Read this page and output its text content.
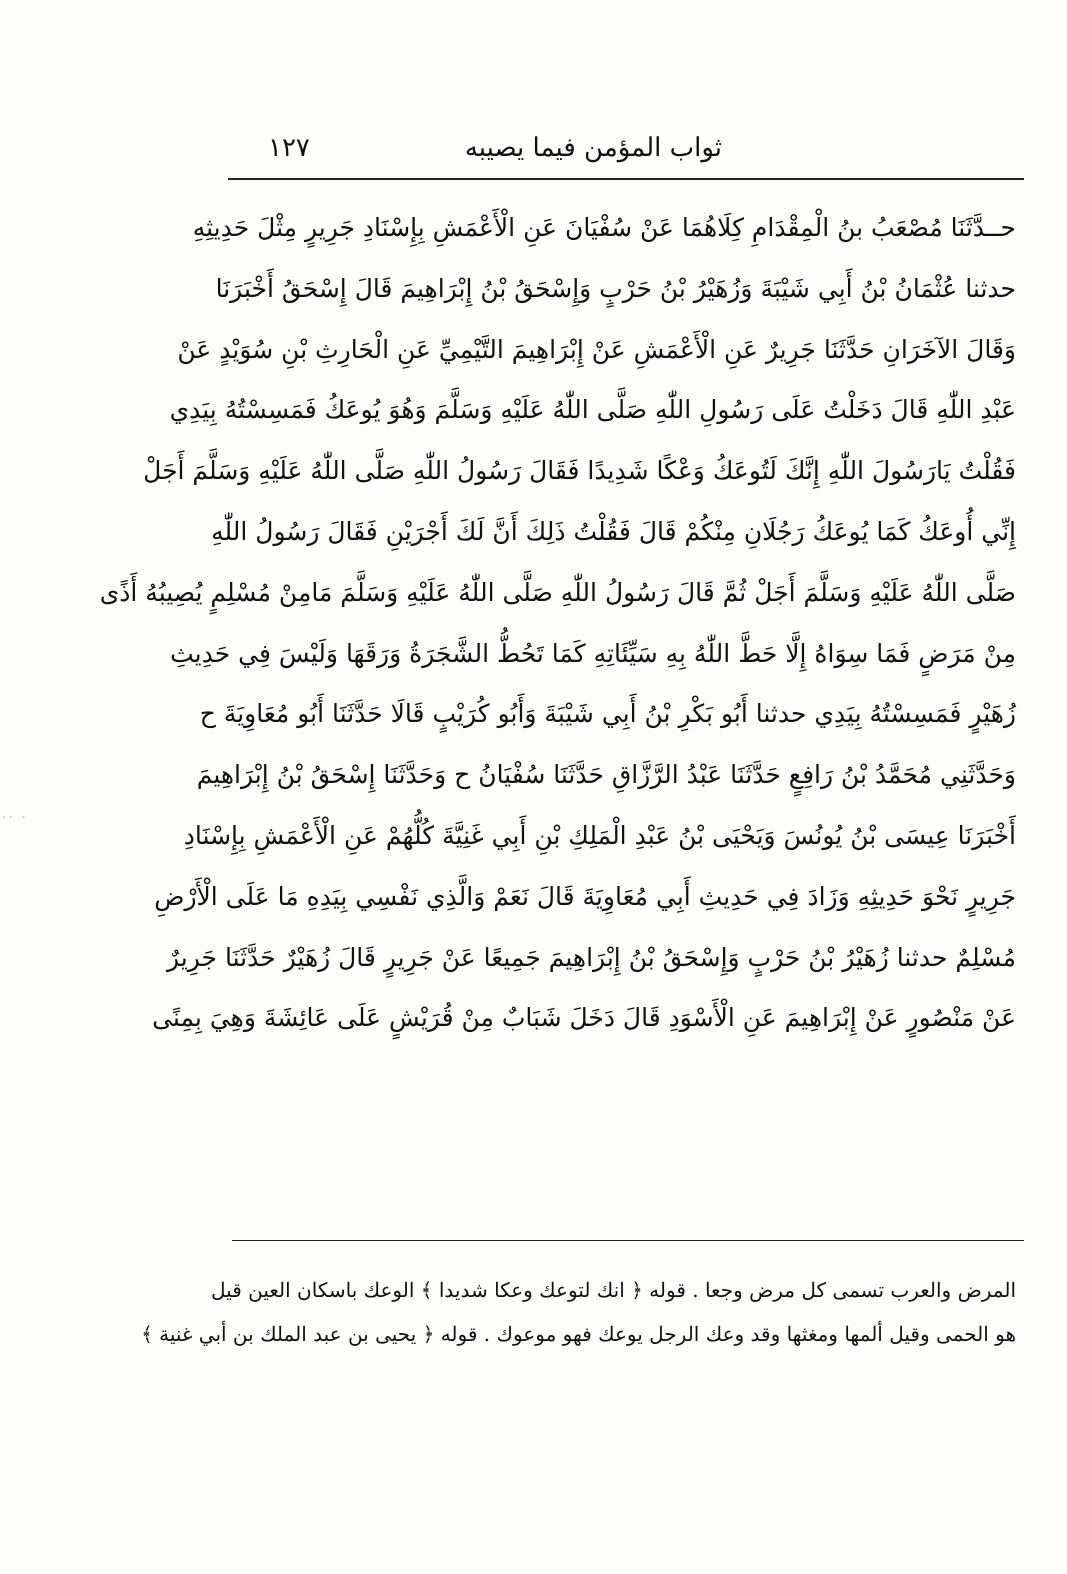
ثواب المؤمن فيما يصيبه
١٢٧
حــدَّثَنَا مُصْعَبُ بنُ الْمِقْدَامِ كِلَاهُمَا عَنْ سُفْيَانَ عَنِ الْأَعْمَشِ بِإِسْنَادِ جَرِيرٍ مِثْلَ حَدِيثِهِ
حدثنا عُثْمَانُ بْنُ أَبِي شَيْبَةَ وَزُهَيْرُ بْنُ حَرْبٍ وَإِسْحَقُ بْنُ إِبْرَاهِيمَ قَالَ إِسْحَقُ أَخْبَرَنَا
وَقَالَ الآخَرَانِ حَدَّثَنَا جَرِيرٌ عَنِ الْأَعْمَشِ عَنْ إِبْرَاهِيمَ التَّيْمِيِّ عَنِ الْحَارِثِ بْنِ سُوَيْدٍ عَنْ
عَبْدِ اللّٰهِ قَالَ دَخَلْتُ عَلَى رَسُولِ اللّٰهِ صَلَّى اللّٰهُ عَلَيْهِ وَسَلَّمَ وَهُوَ يُوعَكُ فَمَسِسْتُهُ بِيَدِي
فَقُلْتُ يَارَسُولَ اللّٰهِ إِنَّكَ لَتُوعَكُ وَعْكًا شَدِيدًا فَقَالَ رَسُولُ اللّٰهِ صَلَّى اللّٰهُ عَلَيْهِ وَسَلَّمَ أَجَلْ
إِنِّي أُوعَكُ كَمَا يُوعَكُ رَجُلَانِ مِنْكُمْ قَالَ فَقُلْتُ ذَلِكَ أَنَّ لَكَ أَجْرَيْنِ فَقَالَ رَسُولُ اللّٰهِ
صَلَّى اللّٰهُ عَلَيْهِ وَسَلَّمَ أَجَلْ ثُمَّ قَالَ رَسُولُ اللّٰهِ صَلَّى اللّٰهُ عَلَيْهِ وَسَلَّمَ مَامِنْ مُسْلِمٍ يُصِيبُهُ أَذًى
مِنْ مَرَضٍ فَمَا سِوَاهُ إِلَّا حَطَّ اللّٰهُ بِهِ سَيِّئَاتِهِ كَمَا تَحُطُّ الشَّجَرَةُ وَرَقَهَا وَلَيْسَ فِي حَدِيثِ
زُهَيْرٍ فَمَسِسْتُهُ بِيَدِي حدثنا أَبُو بَكْرِ بْنُ أَبِي شَيْبَةَ وَأَبُو كُرَيْبٍ قَالَا حَدَّثَنَا أَبُو مُعَاوِيَةَ ح
وَحَدَّثَنِي مُحَمَّدُ بْنُ رَافِعٍ حَدَّثَنَا عَبْدُ الرَّزَّاقِ حَدَّثَنَا سُفْيَانُ ح وَحَدَّثَنَا إِسْحَقُ بْنُ إِبْرَاهِيمَ
أَخْبَرَنَا عِيسَى بْنُ يُونُسَ وَيَحْيَى بْنُ عَبْدِ الْمَلِكِ بْنِ أَبِي غَنِيَّةَ كُلُّهُمْ عَنِ الْأَعْمَشِ بِإِسْنَادِ
جَرِيرٍ نَحْوَ حَدِيثِهِ وَزَادَ فِي حَدِيثِ أَبِي مُعَاوِيَةَ قَالَ نَعَمْ وَالَّذِي نَفْسِي بِيَدِهِ مَا عَلَى الْأَرْضِ
مُسْلِمٌ حدثنا زُهَيْرُ بْنُ حَرْبٍ وَإِسْحَقُ بْنُ إِبْرَاهِيمَ جَمِيعًا عَنْ جَرِيرٍ قَالَ زُهَيْرٌ حَدَّثَنَا جَرِيرٌ
عَنْ مَنْصُورٍ عَنْ إِبْرَاهِيمَ عَنِ الْأَسْوَدِ قَالَ دَخَلَ شَبَابٌ مِنْ قُرَيْشٍ عَلَى عَائِشَةَ وَهِيَ بِمِنًى
المرض والعرب تسمى كل مرض وجعا . قوله ﴿ انك لتوعك وعكا شديدا ﴾ الوعك باسكان العين قيل
هو الحمى وقيل ألمها ومغثها وقد وعك الرجل يوعك فهو موعوك . قوله ﴿ يحيى بن عبد الملك بن أبي غنية ﴾
·· ·
